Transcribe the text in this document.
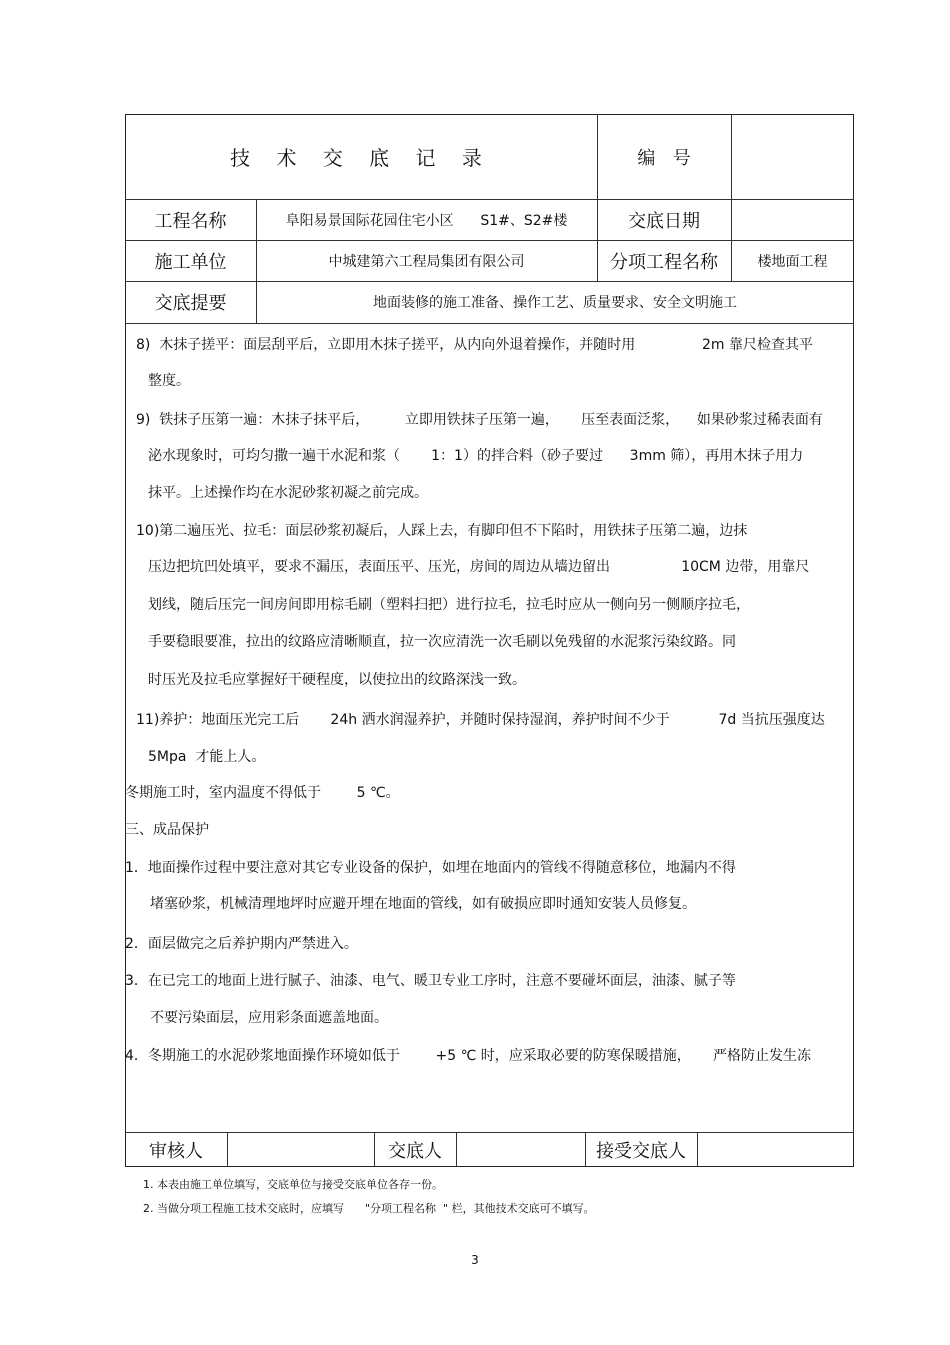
技 术 交 底 记 录	编   号
工程名称	阜阳易景国际花园住宅小区      S1#、S2#楼	交底日期
施工单位	中城建第六工程局集团有限公司	分项工程名称	楼地面工程
交底提要	地面装修的施工准备、操作工艺、质量要求、安全文明施工
8)  木抹子搓平：面层刮平后，立即用木抹子搓平，从内向外退着操作，并随时用               2m 靠尺检查其平
整度。
9)  铁抹子压第一遍：木抹子抹平后，        立即用铁抹子压第一遍，     压至表面泛浆，    如果砂浆过稀表面有
泌水现象时，可均匀撒一遍干水泥和浆（       1：1）的拌合料（砂子要过      3mm 筛），再用木抹子用力
抹平。上述操作均在水泥砂浆初凝之前完成。
10)第二遍压光、拉毛：面层砂浆初凝后，人踩上去，有脚印但不下陷时，用铁抹子压第二遍，边抹
压边把坑凹处填平，要求不漏压，表面压平、压光，房间的周边从墙边留出                10CM 边带，用靠尺
划线，随后压完一间房间即用棕毛刷（塑料扫把）进行拉毛，拉毛时应从一侧向另一侧顺序拉毛，
手要稳眼要准，拉出的纹路应清晰顺直，拉一次应清洗一次毛刷以免残留的水泥浆污染纹路。同
时压光及拉毛应掌握好干硬程度，以使拉出的纹路深浅一致。
11)养护：地面压光完工后       24h 洒水润湿养护，并随时保持湿润，养护时间不少于           7d 当抗压强度达
5Mpa  才能上人。
冬期施工时，室内温度不得低于        5 ℃。
三、成品保护
1．地面操作过程中要注意对其它专业设备的保护，如埋在地面内的管线不得随意移位，地漏内不得
堵塞砂浆，机械清理地坪时应避开埋在地面的管线，如有破损应即时通知安装人员修复。
2．面层做完之后养护期内严禁进入。
3．在已完工的地面上进行腻子、油漆、电气、暖卫专业工序时，注意不要碰坏面层，油漆、腻子等
不要污染面层，应用彩条面遮盖地面。
4．冬期施工的水泥砂浆地面操作环境如低于        +5 ℃ 时，应采取必要的防寒保暖措施，     严格防止发生冻
审核人	交底人	接受交底人
1. 本表由施工单位填写，交底单位与接受交底单位各存一份。
2. 当做分项工程施工技术交底时，应填写      "分项工程名称  " 栏，其他技术交底可不填写。
3
